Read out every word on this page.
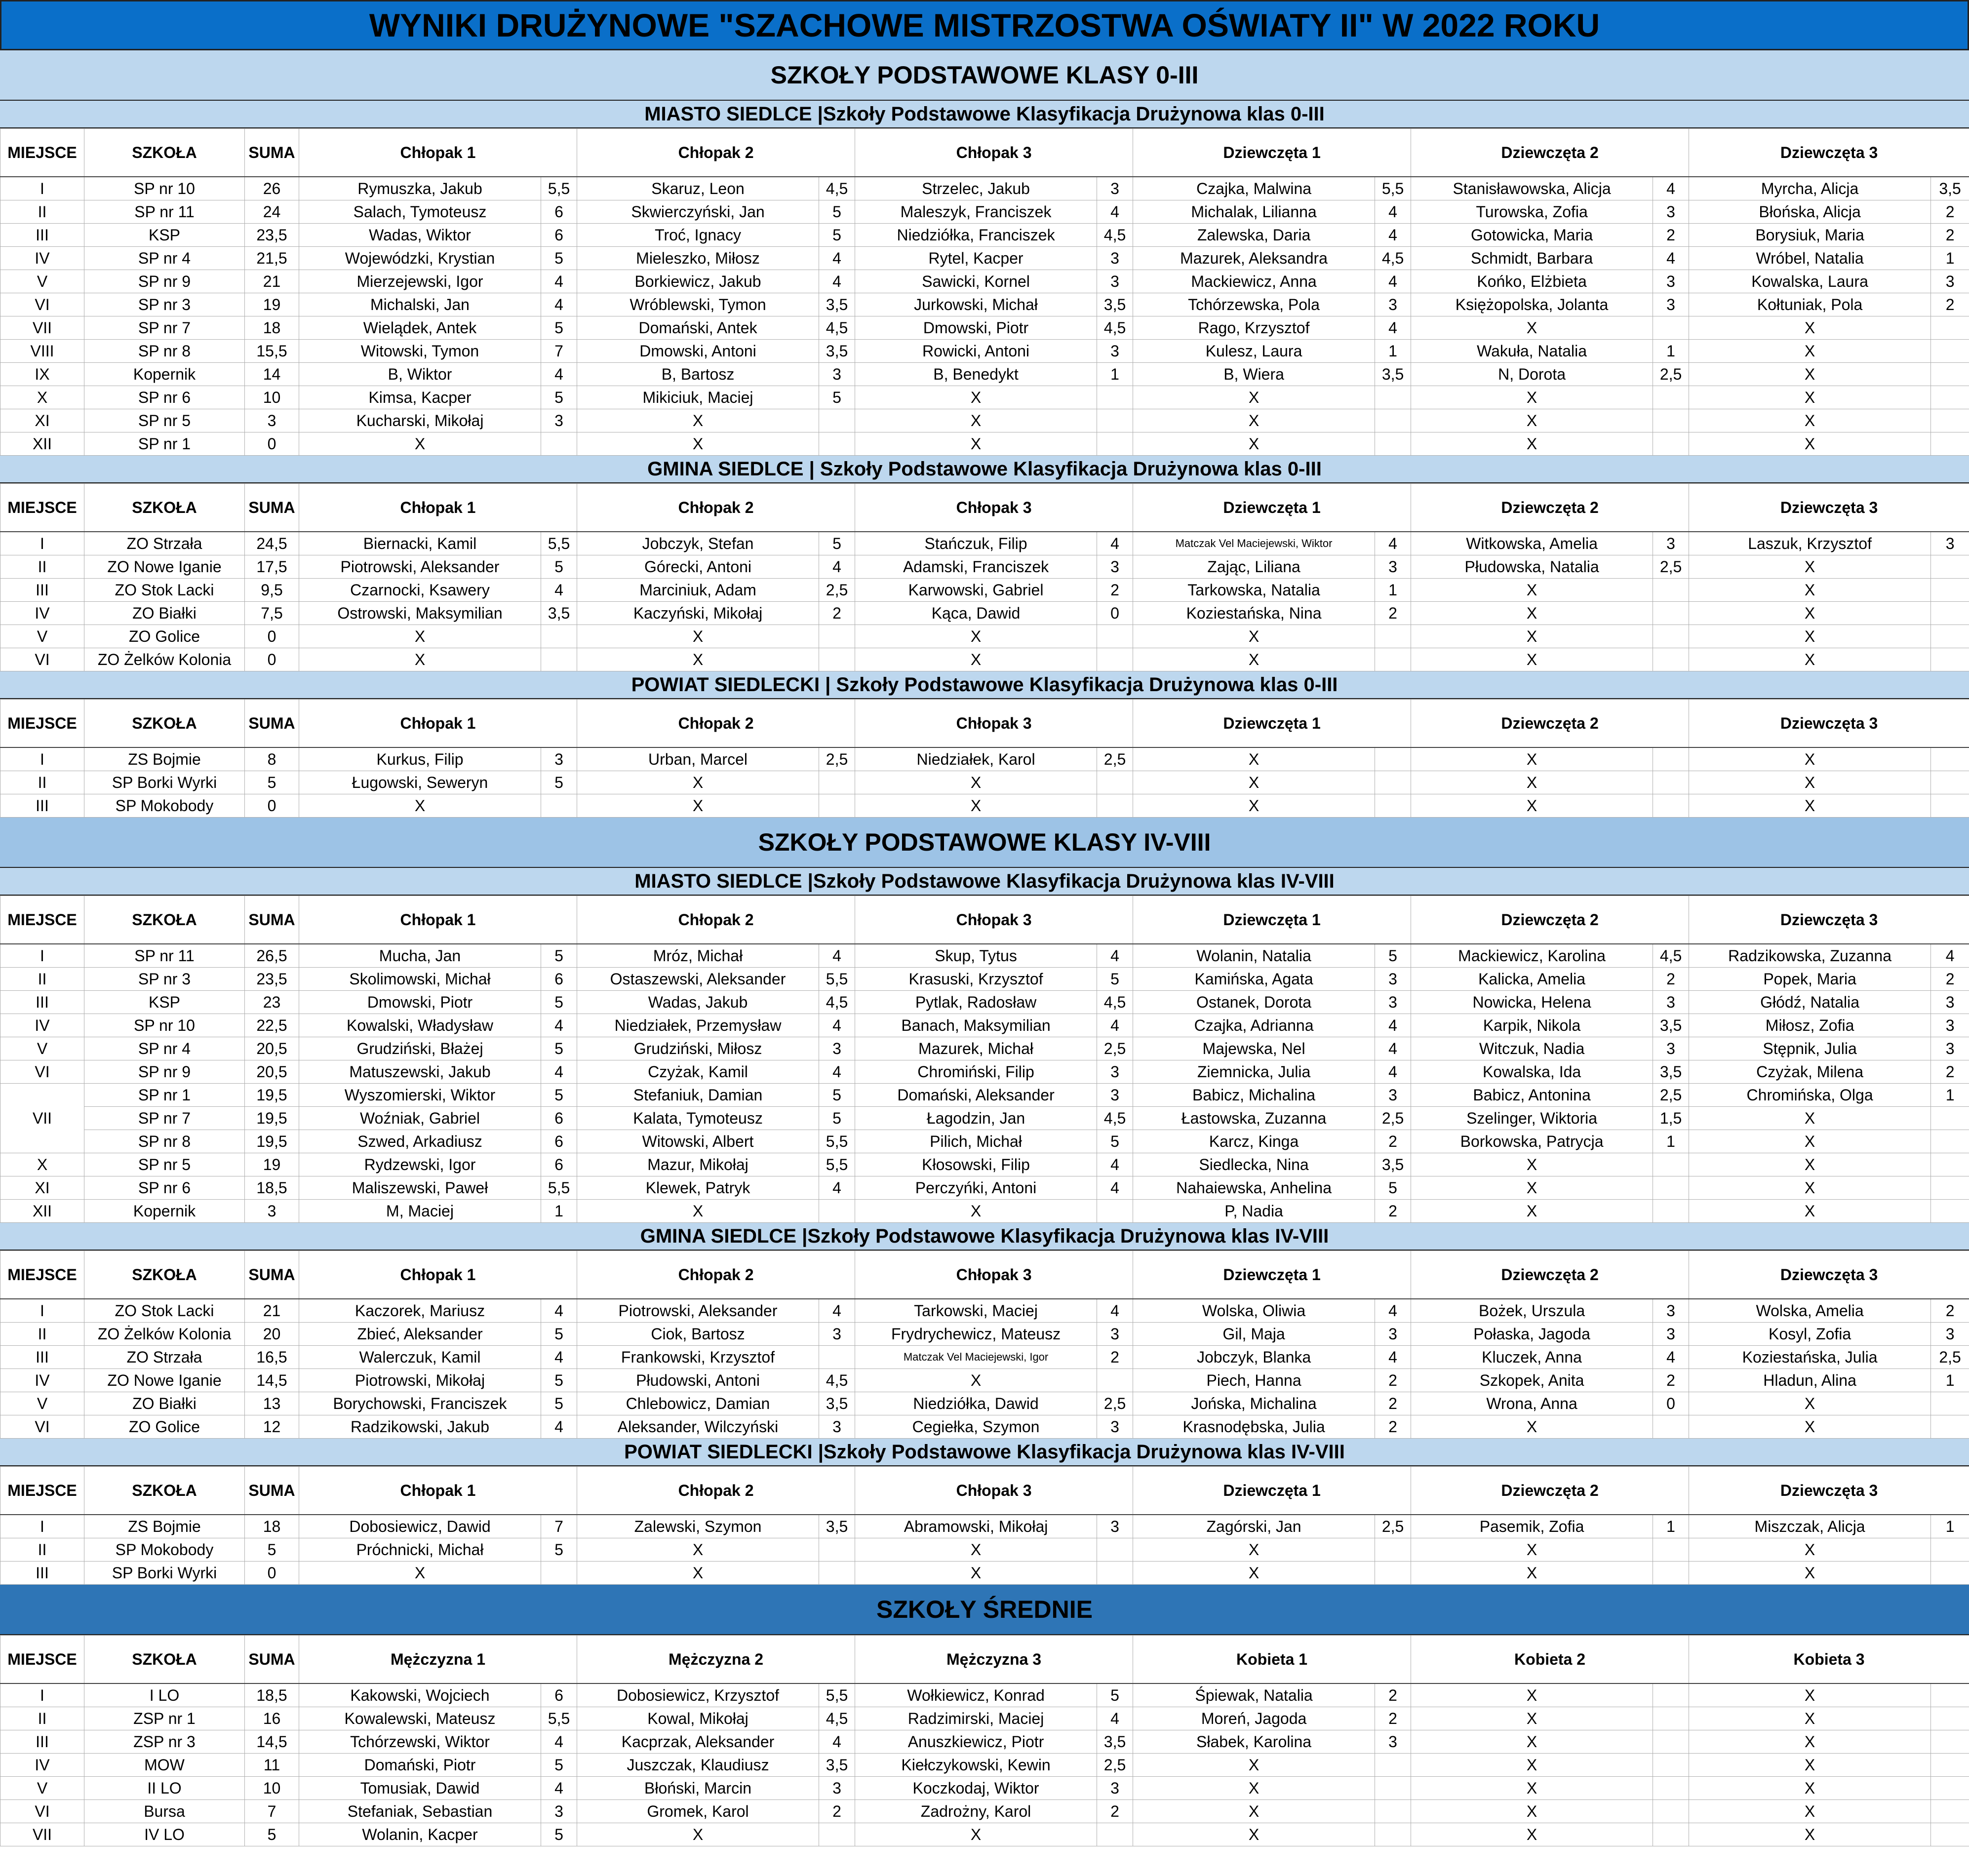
WYNIKI DRUŻYNOWE "SZACHOWE MISTRZOSTWA OŚWIATY II" W 2022 ROKU
SZKOŁY PODSTAWOWE KLASY 0-III
MIASTO SIEDLCE |Szkoły Podstawowe Klasyfikacja Drużynowa klas 0-III
MIEJSCE	SZKOŁA	SUMA	Chłopak 1		Chłopak 2		Chłopak 3		Dziewczęta 1		Dziewczęta 2		Dziewczęta 3	
I	SP nr 10	26	Rymuszka, Jakub	5,5	Skaruz, Leon	4,5	Strzelec, Jakub	3	Czajka, Malwina	5,5	Stanisławowska, Alicja	4	Myrcha, Alicja	3,5
II	SP nr 11	24	Salach, Tymoteusz	6	Skwierczyński, Jan	5	Maleszyk, Franciszek	4	Michalak, Lilianna	4	Turowska, Zofia	3	Błońska, Alicja	2
III	KSP	23,5	Wadas, Wiktor	6	Troć, Ignacy	5	Niedziółka, Franciszek	4,5	Zalewska, Daria	4	Gotowicka, Maria	2	Borysiuk, Maria	2
IV	SP nr 4	21,5	Wojewódzki, Krystian	5	Mieleszko, Miłosz	4	Rytel, Kacper	3	Mazurek, Aleksandra	4,5	Schmidt, Barbara	4	Wróbel, Natalia	1
V	SP nr 9	21	Mierzejewski, Igor	4	Borkiewicz, Jakub	4	Sawicki, Kornel	3	Mackiewicz, Anna	4	Końko, Elżbieta	3	Kowalska, Laura	3
VI	SP nr 3	19	Michalski, Jan	4	Wróblewski, Tymon	3,5	Jurkowski, Michał	3,5	Tchórzewska, Pola	3	Księżopolska, Jolanta	3	Kołtuniak, Pola	2
VII	SP nr 7	18	Wielądek, Antek	5	Domański, Antek	4,5	Dmowski, Piotr	4,5	Rago, Krzysztof	4	X		X	
VIII	SP nr 8	15,5	Witowski, Tymon	7	Dmowski, Antoni	3,5	Rowicki, Antoni	3	Kulesz, Laura	1	Wakuła, Natalia	1	X	
IX	Kopernik	14	B, Wiktor	4	B, Bartosz	3	B, Benedykt	1	B, Wiera	3,5	N, Dorota	2,5	X	
X	SP nr 6	10	Kimsa, Kacper	5	Mikiciuk, Maciej	5	X		X		X		X	
XI	SP nr 5	3	Kucharski, Mikołaj	3	X		X		X		X		X	
XII	SP nr 1	0	X		X		X		X		X		X	
GMINA SIEDLCE | Szkoły Podstawowe Klasyfikacja Drużynowa klas 0-III
MIEJSCE	SZKOŁA	SUMA	Chłopak 1		Chłopak 2		Chłopak 3		Dziewczęta 1		Dziewczęta 2		Dziewczęta 3	
I	ZO Strzała	24,5	Biernacki, Kamil	5,5	Jobczyk, Stefan	5	Stańczuk, Filip	4	Matczak Vel Maciejewski, Wiktor	4	Witkowska, Amelia	3	Laszuk, Krzysztof	3
II	ZO Nowe Iganie	17,5	Piotrowski, Aleksander	5	Górecki, Antoni	4	Adamski, Franciszek	3	Zając, Liliana	3	Płudowska, Natalia	2,5	X	
III	ZO Stok Lacki	9,5	Czarnocki, Ksawery	4	Marciniuk, Adam	2,5	Karwowski, Gabriel	2	Tarkowska, Natalia	1	X		X	
IV	ZO Białki	7,5	Ostrowski, Maksymilian	3,5	Kaczyński, Mikołaj	2	Kąca, Dawid	0	Koziestańska, Nina	2	X		X	
V	ZO Golice	0	X		X		X		X		X		X	
VI	ZO Żelków Kolonia	0	X		X		X		X		X		X	
POWIAT SIEDLECKI | Szkoły Podstawowe Klasyfikacja Drużynowa klas 0-III
MIEJSCE	SZKOŁA	SUMA	Chłopak 1		Chłopak 2		Chłopak 3		Dziewczęta 1		Dziewczęta 2		Dziewczęta 3	
I	ZS Bojmie	8	Kurkus, Filip	3	Urban, Marcel	2,5	Niedziałek, Karol	2,5	X		X		X	
II	SP Borki Wyrki	5	Ługowski, Seweryn	5	X		X		X		X		X	
III	SP Mokobody	0	X		X		X		X		X		X	
SZKOŁY PODSTAWOWE KLASY IV-VIII
MIASTO SIEDLCE |Szkoły Podstawowe Klasyfikacja Drużynowa klas IV-VIII
MIEJSCE	SZKOŁA	SUMA	Chłopak 1		Chłopak 2		Chłopak 3		Dziewczęta 1		Dziewczęta 2		Dziewczęta 3	
I	SP nr 11	26,5	Mucha, Jan	5	Mróz, Michał	4	Skup, Tytus	4	Wolanin, Natalia	5	Mackiewicz, Karolina	4,5	Radzikowska, Zuzanna	4
II	SP nr 3	23,5	Skolimowski, Michał	6	Ostaszewski, Aleksander	5,5	Krasuski, Krzysztof	5	Kamińska, Agata	3	Kalicka, Amelia	2	Popek, Maria	2
III	KSP	23	Dmowski, Piotr	5	Wadas, Jakub	4,5	Pytlak, Radosław	4,5	Ostanek, Dorota	3	Nowicka, Helena	3	Głódź, Natalia	3
IV	SP nr 10	22,5	Kowalski, Władysław	4	Niedziałek, Przemysław	4	Banach, Maksymilian	4	Czajka, Adrianna	4	Karpik, Nikola	3,5	Miłosz, Zofia	3
V	SP nr 4	20,5	Grudziński, Błażej	5	Grudziński, Miłosz	3	Mazurek, Michał	2,5	Majewska, Nel	4	Witczuk, Nadia	3	Stępnik, Julia	3
VI	SP nr 9	20,5	Matuszewski, Jakub	4	Czyżak, Kamil	4	Chromiński, Filip	3	Ziemnicka, Julia	4	Kowalska, Ida	3,5	Czyżak, Milena	2
VII	SP nr 1	19,5	Wyszomierski, Wiktor	5	Stefaniuk, Damian	5	Domański, Aleksander	3	Babicz, Michalina	3	Babicz, Antonina	2,5	Chromińska, Olga	1
	SP nr 7	19,5	Woźniak, Gabriel	6	Kalata, Tymoteusz	5	Łagodzin, Jan	4,5	Łastowska, Zuzanna	2,5	Szelinger, Wiktoria	1,5	X	
	SP nr 8	19,5	Szwed, Arkadiusz	6	Witowski, Albert	5,5	Pilich, Michał	5	Karcz, Kinga	2	Borkowska, Patrycja	1	X	
X	SP nr 5	19	Rydzewski, Igor	6	Mazur, Mikołaj	5,5	Kłosowski, Filip	4	Siedlecka, Nina	3,5	X		X	
XI	SP nr 6	18,5	Maliszewski, Paweł	5,5	Klewek, Patryk	4	Perczyńki, Antoni	4	Nahaiewska, Anhelina	5	X		X	
XII	Kopernik	3	M, Maciej	1	X		X		P, Nadia	2	X		X	
GMINA SIEDLCE |Szkoły Podstawowe Klasyfikacja Drużynowa klas IV-VIII
MIEJSCE	SZKOŁA	SUMA	Chłopak 1		Chłopak 2		Chłopak 3		Dziewczęta 1		Dziewczęta 2		Dziewczęta 3	
I	ZO Stok Lacki	21	Kaczorek, Mariusz	4	Piotrowski, Aleksander	4	Tarkowski, Maciej	4	Wolska, Oliwia	4	Bożek, Urszula	3	Wolska, Amelia	2
II	ZO Żelków Kolonia	20	Zbieć, Aleksander	5	Ciok, Bartosz	3	Frydrychewicz, Mateusz	3	Gil, Maja	3	Połaska, Jagoda	3	Kosyl, Zofia	3
III	ZO Strzała	16,5	Walerczuk, Kamil	4	Frankowski, Krzysztof		Matczak Vel Maciejewski, Igor	2	Jobczyk, Blanka	4	Kluczek, Anna	4	Koziestańska, Julia	2,5
IV	ZO Nowe Iganie	14,5	Piotrowski, Mikołaj	5	Płudowski, Antoni	4,5	X		Piech, Hanna	2	Szkopek, Anita	2	Hladun, Alina	1
V	ZO Białki	13	Borychowski, Franciszek	5	Chlebowicz, Damian	3,5	Niedziółka, Dawid	2,5	Jońska, Michalina	2	Wrona, Anna	0	X	
VI	ZO Golice	12	Radzikowski, Jakub	4	Aleksander, Wilczyński	3	Cegiełka, Szymon	3	Krasnodębska, Julia	2	X		X	
POWIAT SIEDLECKI |Szkoły Podstawowe Klasyfikacja Drużynowa klas IV-VIII
MIEJSCE	SZKOŁA	SUMA	Chłopak 1		Chłopak 2		Chłopak 3		Dziewczęta 1		Dziewczęta 2		Dziewczęta 3	
I	ZS Bojmie	18	Dobosiewicz, Dawid	7	Zalewski, Szymon	3,5	Abramowski, Mikołaj	3	Zagórski, Jan	2,5	Pasemik, Zofia	1	Miszczak, Alicja	1
II	SP Mokobody	5	Próchnicki, Michał	5	X		X		X		X		X	
III	SP Borki Wyrki	0	X		X		X		X		X		X	
SZKOŁY ŚREDNIE
MIEJSCE	SZKOŁA	SUMA	Mężczyzna 1		Mężczyzna 2		Mężczyzna 3		Kobieta 1		Kobieta 2		Kobieta 3	
I	I LO	18,5	Kakowski, Wojciech	6	Dobosiewicz, Krzysztof	5,5	Wołkiewicz, Konrad	5	Śpiewak, Natalia	2	X		X	
II	ZSP nr 1	16	Kowalewski, Mateusz	5,5	Kowal, Mikołaj	4,5	Radzimirski, Maciej	4	Moreń, Jagoda	2	X		X	
III	ZSP nr 3	14,5	Tchórzewski, Wiktor	4	Kacprzak, Aleksander	4	Anuszkiewicz, Piotr	3,5	Słabek, Karolina	3	X		X	
IV	MOW	11	Domański, Piotr	5	Juszczak, Klaudiusz	3,5	Kiełczykowski, Kewin	2,5	X		X		X	
V	II LO	10	Tomusiak, Dawid	4	Błoński, Marcin	3	Koczkodaj, Wiktor	3	X		X		X	
VI	Bursa	7	Stefaniak, Sebastian	3	Gromek, Karol	2	Zadrożny, Karol	2	X		X		X	
VII	IV LO	5	Wolanin, Kacper	5	X		X		X		X		X	
